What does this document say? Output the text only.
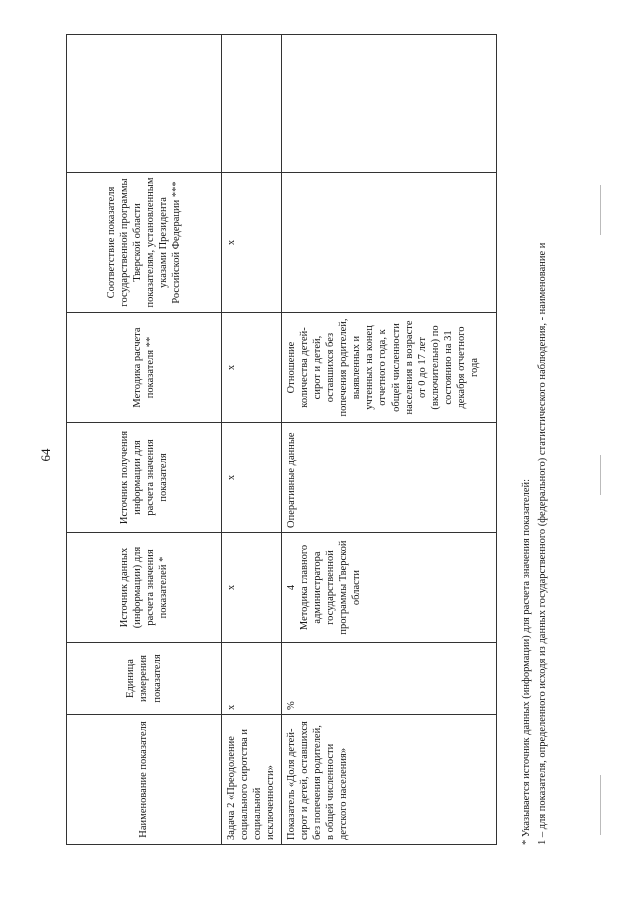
64
Наименование показателя	Единица измерения показателя	Источник данных (информации) для расчета значения показателей *	Источник получения информации для расчета значения показателя	Методика расчета показателя **	Соответствие показателя государственной программы Тверской области показателям, установленным указами Президента Российской Федерации ***	
Задача 2 «Преодоление социального сиротства и социальной исключенности»	х	х	х	х	х	
Показатель «Доля детей-сирот и детей, оставшихся без попечения родителей, в общей численности детского населения»	%	4 Методика главного администратора государственной программы Тверской области	Оперативные данные	Отношение количества детей-сирот и детей, оставшихся без попечения родителей, выявленных и учтенных на конец отчетного года, к общей численности населения в возрасте от 0 до 17 лет (включительно) по состоянию на 31 декабря отчетного года		

* Указывается источник данных (информации) для расчета значения показателей: 1 – для показателя, определенного исходя из данных государственного (федерального) статистического наблюдения, - наименование и
